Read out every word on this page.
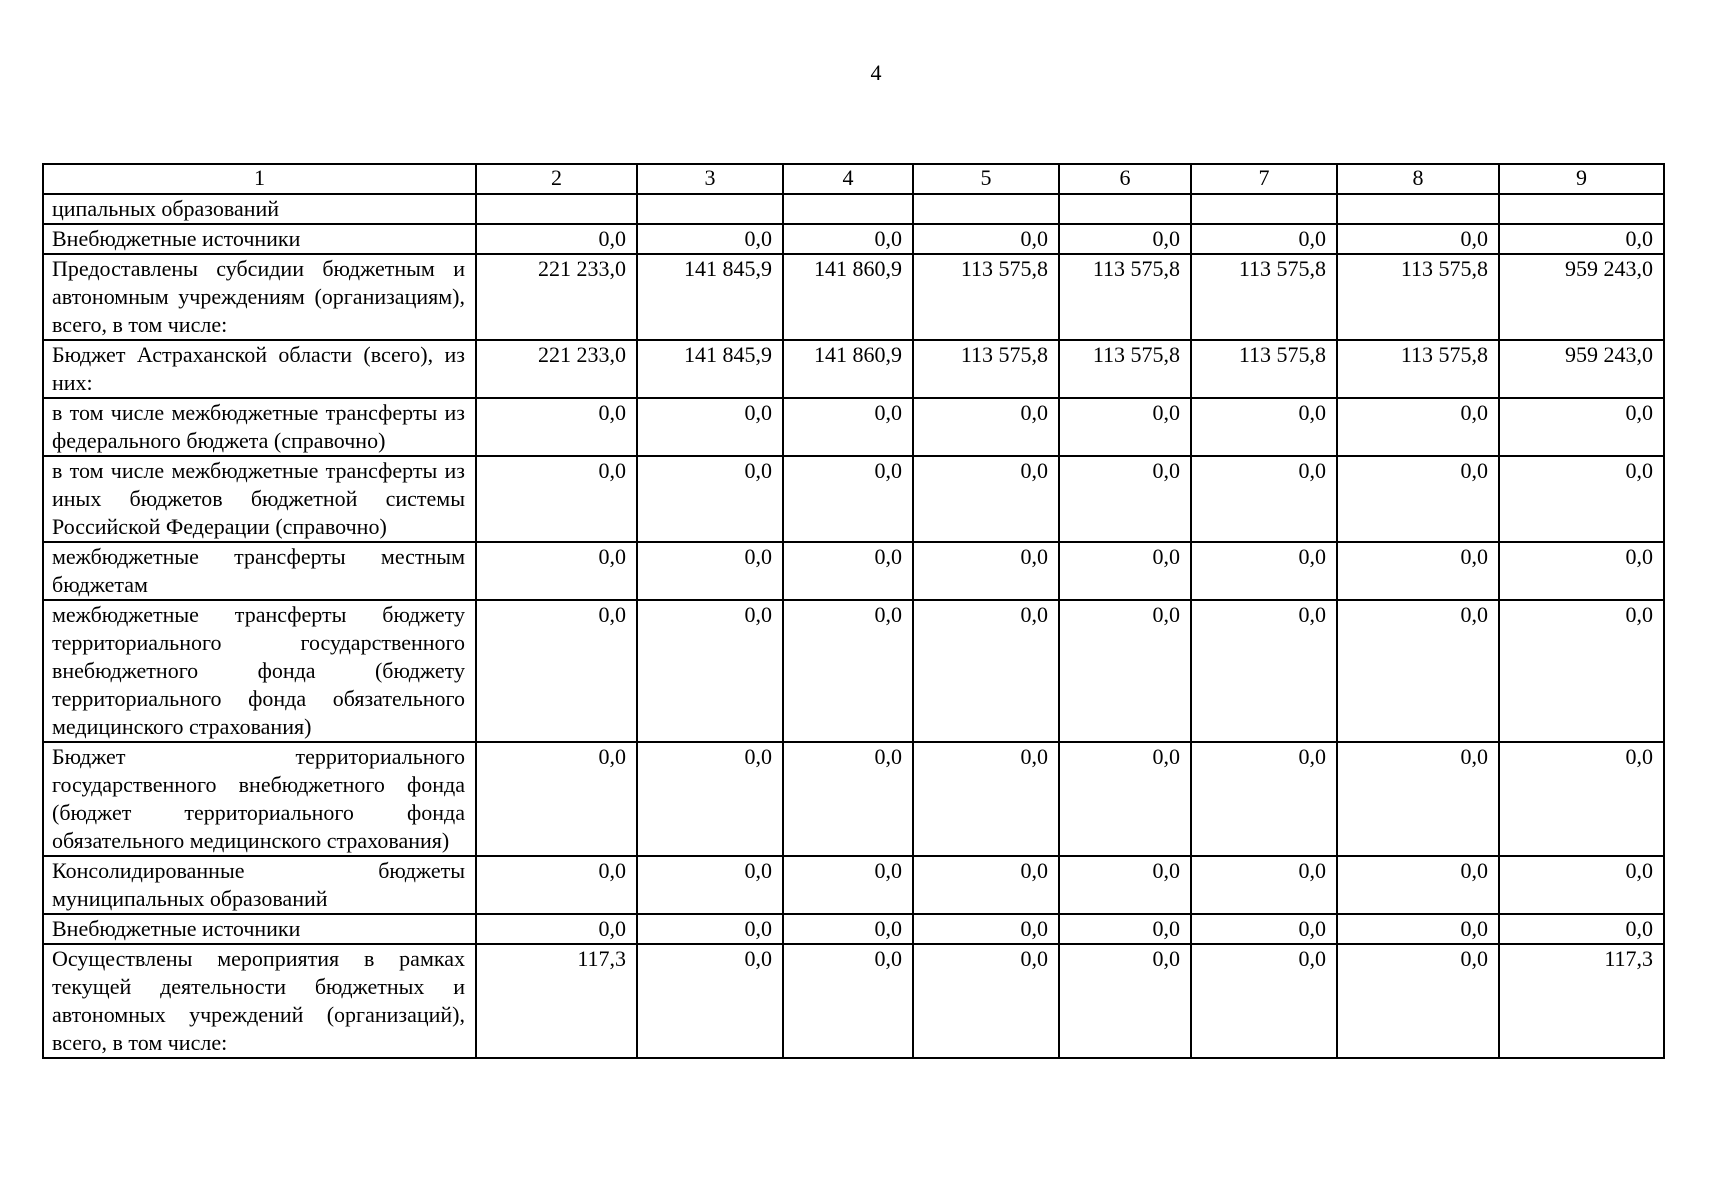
4
1	2	3	4	5	6	7	8	9
ципальных образований								
Внебюджетные источники	0,0	0,0	0,0	0,0	0,0	0,0	0,0	0,0
Предоставлены субсидии бюджетным и автономным учреждениям (организациям), всего, в том числе:	221 233,0	141 845,9	141 860,9	113 575,8	113 575,8	113 575,8	113 575,8	959 243,0
Бюджет Астраханской области (всего), из них:	221 233,0	141 845,9	141 860,9	113 575,8	113 575,8	113 575,8	113 575,8	959 243,0
в том числе межбюджетные трансферты из федерального бюджета (справочно)	0,0	0,0	0,0	0,0	0,0	0,0	0,0	0,0
в том числе межбюджетные трансферты из иных бюджетов бюджетной системы Российской Федерации (справочно)	0,0	0,0	0,0	0,0	0,0	0,0	0,0	0,0
межбюджетные трансферты местным бюджетам	0,0	0,0	0,0	0,0	0,0	0,0	0,0	0,0
межбюджетные трансферты бюджету территориального государственного внебюджетного фонда (бюджету территориального фонда обязательного медицинского страхования)	0,0	0,0	0,0	0,0	0,0	0,0	0,0	0,0
Бюджет территориального государственного внебюджетного фонда (бюджет территориального фонда обязательного медицинского страхования)	0,0	0,0	0,0	0,0	0,0	0,0	0,0	0,0
Консолидированные бюджеты муниципальных образований	0,0	0,0	0,0	0,0	0,0	0,0	0,0	0,0
Внебюджетные источники	0,0	0,0	0,0	0,0	0,0	0,0	0,0	0,0
Осуществлены мероприятия в рамках текущей деятельности бюджетных и автономных учреждений (организаций), всего, в том числе:	117,3	0,0	0,0	0,0	0,0	0,0	0,0	117,3
